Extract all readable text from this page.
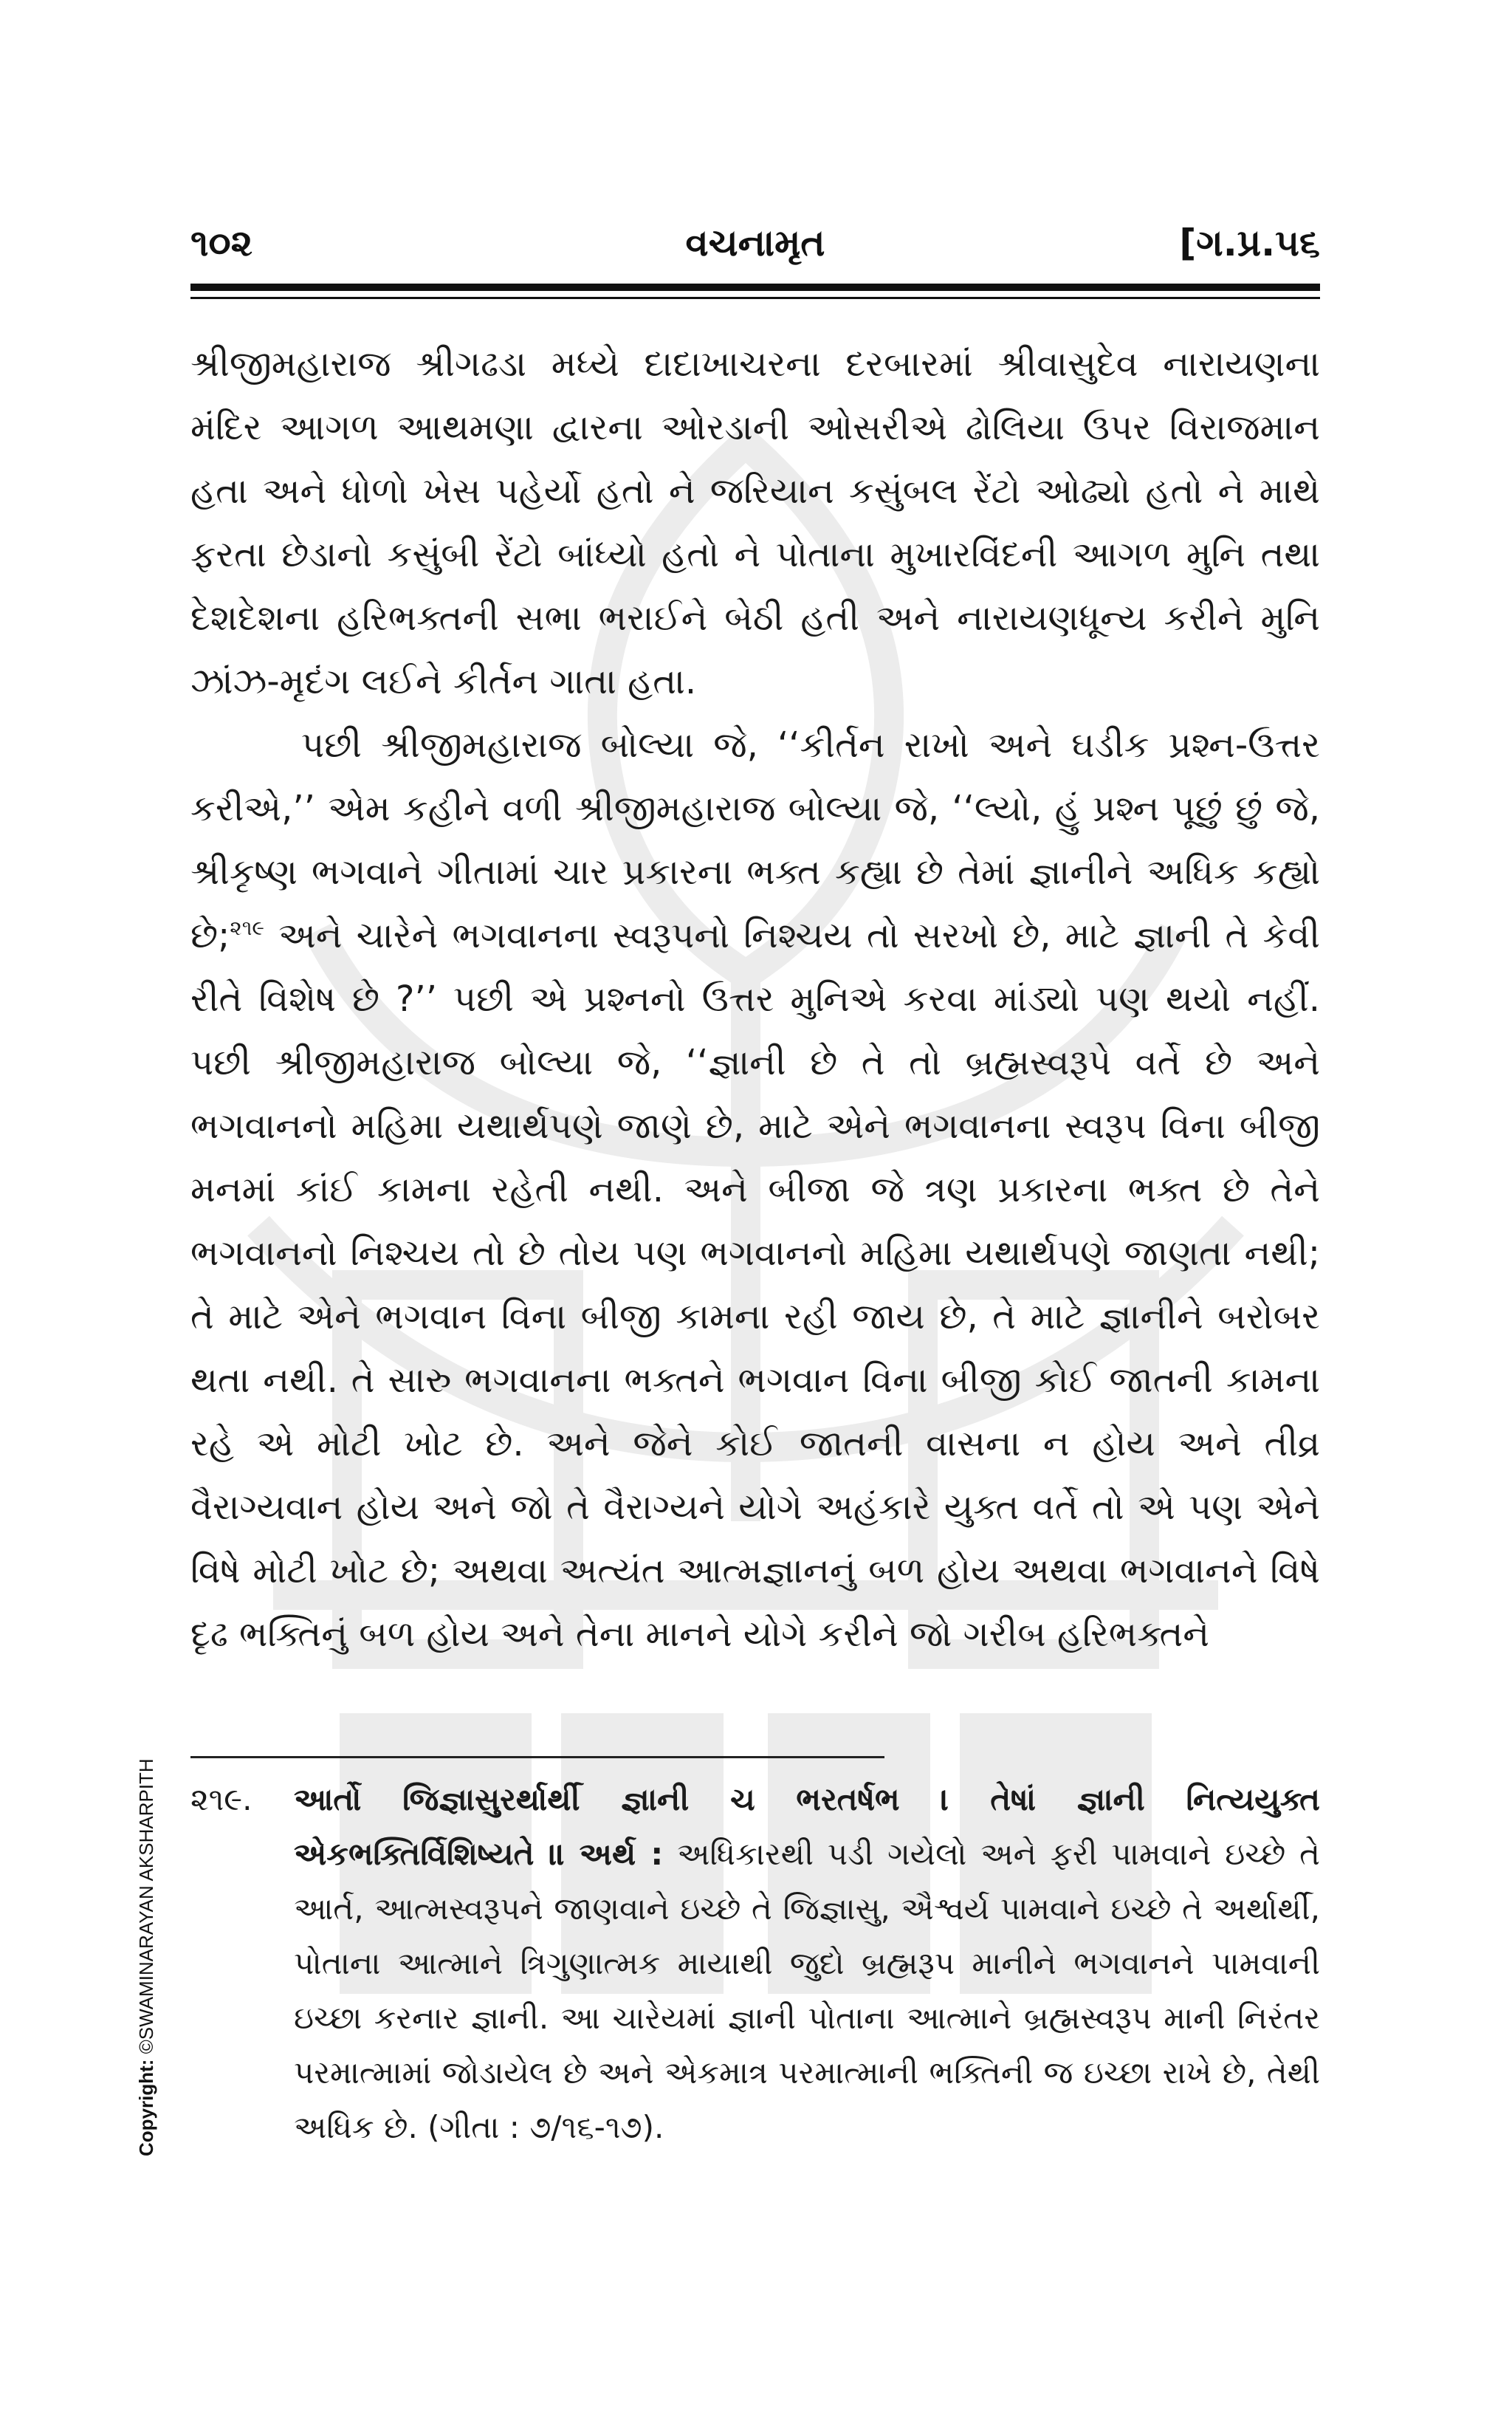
૧૦૨	વચનામૃત	[ગ.પ્ર.૫૬

શ્રીજીમહારાજ શ્રીગઢડા મધ્યે દાદાખાચરના દરબારમાં શ્રીવાસુદેવ નારાયણના મંદિર આગળ આથમણા દ્વારના ઓરડાની ઓસરીએ ઢોલિયા ઉપર વિરાજમાન હતા અને ધોળો ખેસ પહેર્યો હતો ને જરિયાન કસુંબલ રેંટો ઓઢ્યો હતો ને માથે ફરતા છેડાનો કસુંબી રેંટો બાંધ્યો હતો ને પોતાના મુખારવિંદની આગળ મુનિ તથા દેશદેશના હરિભક્તની સભા ભરાઈને બેઠી હતી અને નારાયણધૂન્ય કરીને મુનિ ઝાંઝ-મૃદંગ લઈને કીર્તન ગાતા હતા.

પછી શ્રીજીમહારાજ બોલ્યા જે, ‘‘કીર્તન રાખો અને ઘડીક પ્રશ્ન-ઉત્તર કરીએ,’’ એમ કહીને વળી શ્રીજીમહારાજ બોલ્યા જે, ‘‘લ્યો, હું પ્રશ્ન પૂછું છું જે, શ્રીકૃષ્ણ ભગવાને ગીતામાં ચાર પ્રકારના ભક્ત કહ્યા છે તેમાં જ્ઞાનીને અધિક કહ્યો છે;$^{૨૧૯}$ અને ચારેને ભગવાનના સ્વરૂપનો નિશ્ચય તો સરખો છે, માટે જ્ઞાની તે કેવી રીતે વિશેષ છે ?’’ પછી એ પ્રશ્નનો ઉત્તર મુનિએ કરવા માંડ્યો પણ થયો નહીં. પછી શ્રીજીમહારાજ બોલ્યા જે, ‘‘જ્ઞાની છે તે તો બ્રહ્મસ્વરૂપે વર્તે છે અને ભગવાનનો મહિમા યથાર્થપણે જાણે છે, માટે એને ભગવાનના સ્વરૂપ વિના બીજી મનમાં કાંઈ કામના રહેતી નથી. અને બીજા જે ત્રણ પ્રકારના ભક્ત છે તેને ભગવાનનો નિશ્ચય તો છે તોય પણ ભગવાનનો મહિમા યથાર્થપણે જાણતા નથી; તે માટે એને ભગવાન વિના બીજી કામના રહી જાય છે, તે માટે જ્ઞાનીને બરોબર થતા નથી. તે સારુ ભગવાનના ભક્તને ભગવાન વિના બીજી કોઈ જાતની કામના રહે એ મોટી ખોટ છે. અને જેને કોઈ જાતની વાસના ન હોય અને તીવ્ર વૈરાગ્યવાન હોય અને જો તે વૈરાગ્યને યોગે અહંકારે યુક્ત વર્તે તો એ પણ એને વિષે મોટી ખોટ છે; અથવા અત્યંત આત્મજ્ઞાનનું બળ હોય અથવા ભગવાનને વિષે દૃઢ ભક્તિનું બળ હોય અને તેના માનને યોગે કરીને જો ગરીબ હરિભક્તને

૨૧૯.	આર્તો જિજ્ઞાસુરર્થાર્થી જ્ઞાની ચ ભરતર્ષભ । તેષાં જ્ઞાની નિત્યયુક્ત એકભક્તિર્વિશિષ્યતે ॥ અર્થ : અધિકારથી પડી ગયેલો અને ફરી પામવાને ઇચ્છે તે આર્ત, આત્મસ્વરૂપને જાણવાને ઇચ્છે તે જિજ્ઞાસુ, ઐશ્વર્ય પામવાને ઇચ્છે તે અર્થાર્થી, પોતાના આત્માને ત્રિગુણાત્મક માયાથી જુદો બ્રહ્મરૂપ માનીને ભગવાનને પામવાની ઇચ્છા કરનાર જ્ઞાની. આ ચારેયમાં જ્ઞાની પોતાના આત્માને બ્રહ્મસ્વરૂપ માની નિરંતર પરમાત્મામાં જોડાયેલ છે અને એકમાત્ર પરમાત્માની ભક્તિની જ ઇચ્છા રાખે છે, તેથી અધિક છે. (ગીતા : ૭/૧૬-૧૭).
Copyright: ©SWAMINARAYAN AKSHARPITH
